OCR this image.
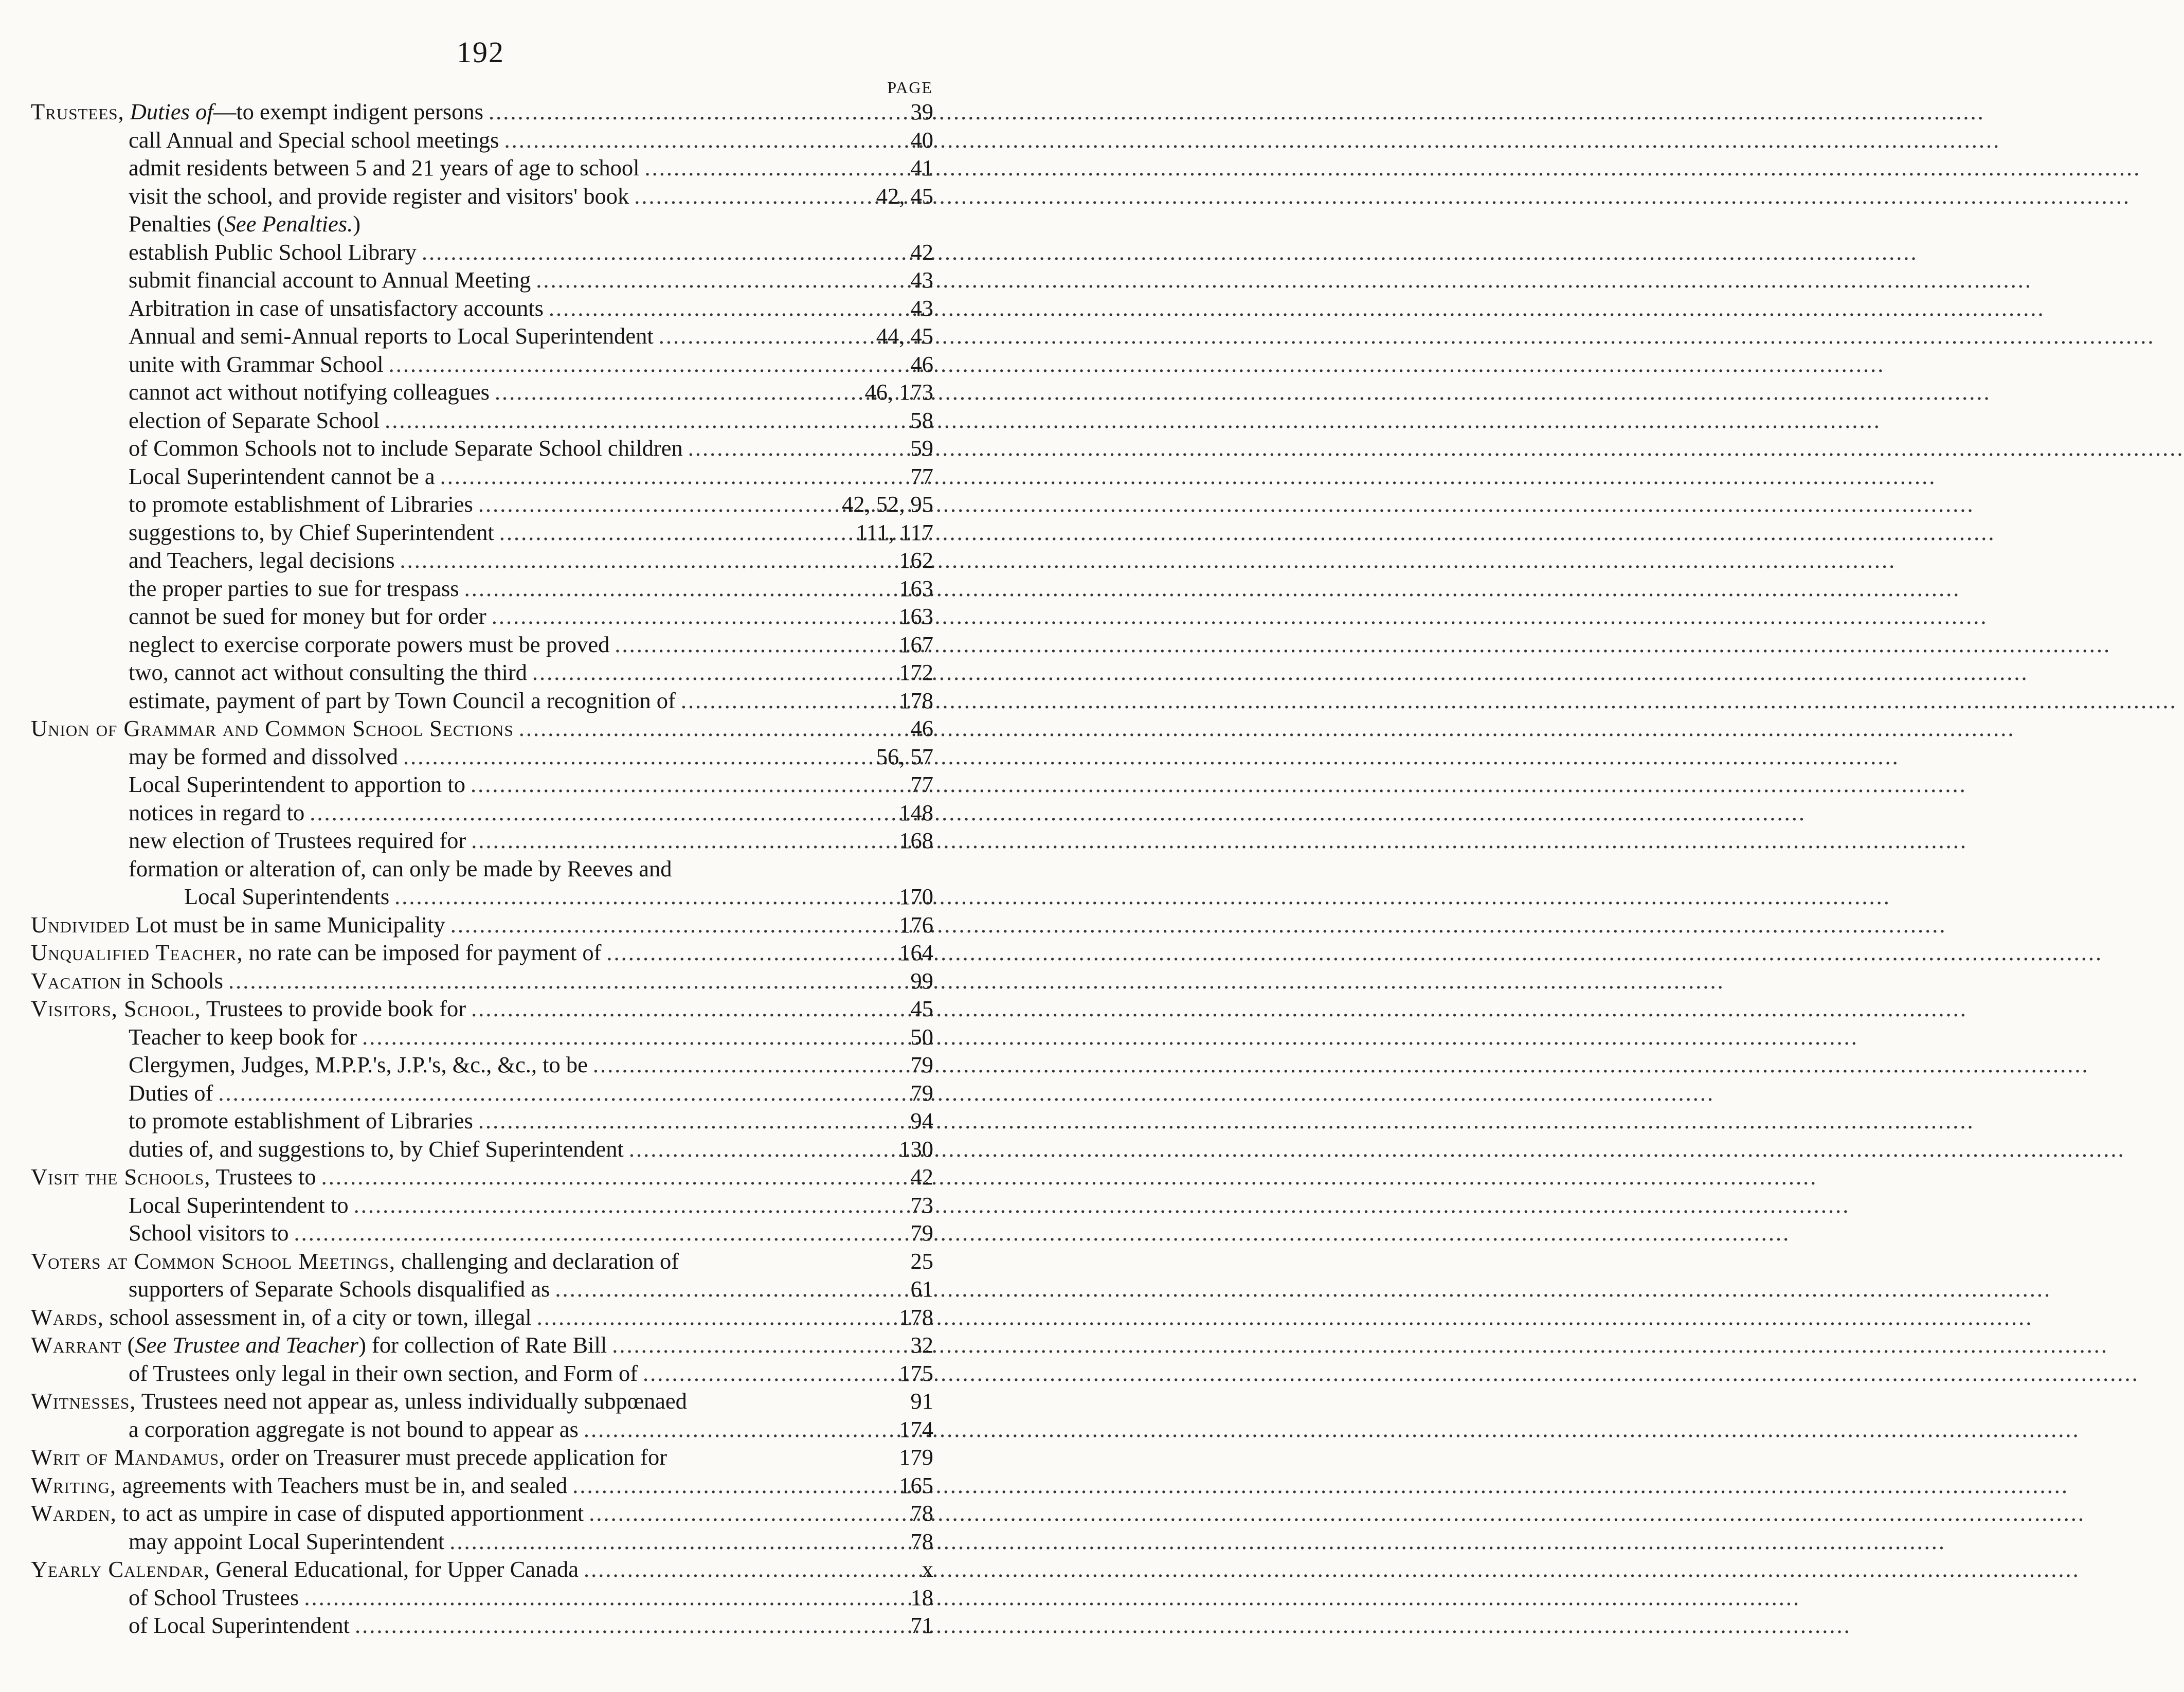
192
PAGE
Trustees, Duties of—to exempt indigent persons .....	39
call Annual and Special school meetings .....	40
admit residents between 5 and 21 years of age to school .....	41
visit the school, and provide register and visitors' book .....	42, 45
Penalties (See Penalties.)
establish Public School Library .....	42
submit financial account to Annual Meeting .....	43
Arbitration in case of unsatisfactory accounts .....	43
Annual and semi-Annual reports to Local Superintendent .....	44, 45
unite with Grammar School .....	46
cannot act without notifying colleagues .....	46, 173
election of Separate School .....	58
of Common Schools not to include Separate School children .....	59
Local Superintendent cannot be a .....	77
to promote establishment of Libraries .....	42, 52, 95
suggestions to, by Chief Superintendent .....	111, 117
and Teachers, legal decisions .....	162
the proper parties to sue for trespass .....	163
cannot be sued for money but for order .....	163
neglect to exercise corporate powers must be proved .....	167
two, cannot act without consulting the third .....	172
estimate, payment of part by Town Council a recognition of .....	178
Union of Grammar and Common School Sections .....	46
may be formed and dissolved .....	56, 57
Local Superintendent to apportion to .....	77
notices in regard to .....	148
new election of Trustees required for .....	168
formation or alteration of, can only be made by Reeves and
Local Superintendents .....	170
Undivided Lot must be in same Municipality .....	176
Unqualified Teacher, no rate can be imposed for payment of .....	164
Vacation in Schools .....	99
Visitors, School, Trustees to provide book for .....	45
Teacher to keep book for .....	50
Clergymen, Judges, M.P.P.'s, J.P.'s, &c., &c., to be .....	79
Duties of .....	79
to promote establishment of Libraries .....	94
duties of, and suggestions to, by Chief Superintendent .....	130
Visit the Schools, Trustees to .....	42
Local Superintendent to .....	73
School visitors to .....	79
Voters at Common School Meetings, challenging and declaration of	25
supporters of Separate Schools disqualified as .....	61
Wards, school assessment in, of a city or town, illegal .....	178
Warrant (See Trustee and Teacher) for collection of Rate Bill .....	32
of Trustees only legal in their own section, and Form of .....	175
Witnesses, Trustees need not appear as, unless individually subpœnaed	91
a corporation aggregate is not bound to appear as .....	174
Writ of Mandamus, order on Treasurer must precede application for	179
Writing, agreements with Teachers must be in, and sealed .....	165
Warden, to act as umpire in case of disputed apportionment .....	78
may appoint Local Superintendent .....	78
Yearly Calendar, General Educational, for Upper Canada .....	x
of School Trustees .....	18
of Local Superintendent .....	71
